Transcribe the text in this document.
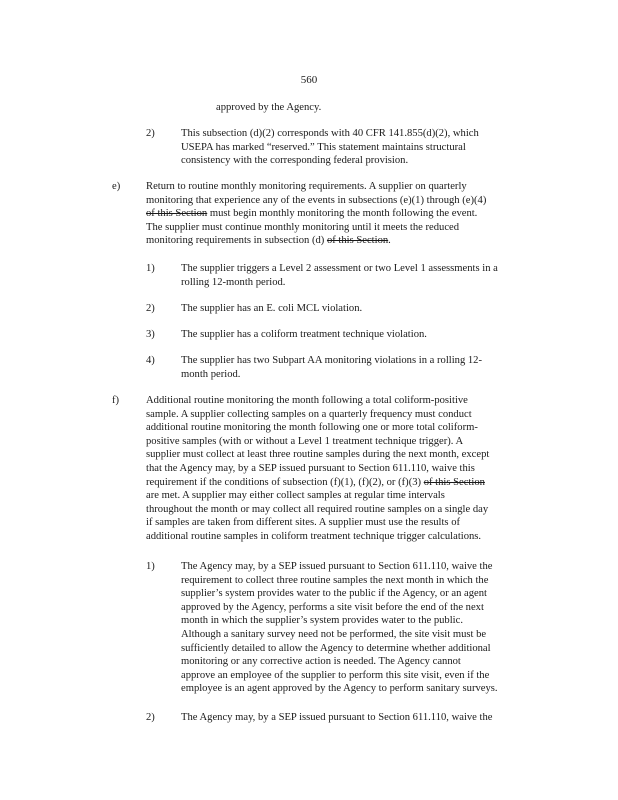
560
approved by the Agency.
2) This subsection (d)(2) corresponds with 40 CFR 141.855(d)(2), which
USEPA has marked “reserved.” This statement maintains structural
consistency with the corresponding federal provision.
e) Return to routine monthly monitoring requirements. A supplier on quarterly
monitoring that experience any of the events in subsections (e)(1) through (e)(4)
of this Section must begin monthly monitoring the month following the event.
The supplier must continue monthly monitoring until it meets the reduced
monitoring requirements in subsection (d) of this Section.
1) The supplier triggers a Level 2 assessment or two Level 1 assessments in a
rolling 12-month period.
2) The supplier has an E. coli MCL violation.
3) The supplier has a coliform treatment technique violation.
4) The supplier has two Subpart AA monitoring violations in a rolling 12-
month period.
f)	Additional routine monitoring the month following a total coliform-positive
sample. A supplier collecting samples on a quarterly frequency must conduct
additional routine monitoring the month following one or more total coliform-
positive samples (with or without a Level 1 treatment technique trigger). A
supplier must collect at least three routine samples during the next month, except
that the Agency may, by a SEP issued pursuant to Section 611.110, waive this
requirement if the conditions of subsection (f)(1), (f)(2), or (f)(3) of this Section
are met. A supplier may either collect samples at regular time intervals
throughout the month or may collect all required routine samples on a single day
if samples are taken from different sites. A supplier must use the results of
additional routine samples in coliform treatment technique trigger calculations.
1) The Agency may, by a SEP issued pursuant to Section 611.110, waive the
requirement to collect three routine samples the next month in which the
supplier’s system provides water to the public if the Agency, or an agent
approved by the Agency, performs a site visit before the end of the next
month in which the supplier’s system provides water to the public.
Although a sanitary survey need not be performed, the site visit must be
sufficiently detailed to allow the Agency to determine whether additional
monitoring or any corrective action is needed. The Agency cannot
approve an employee of the supplier to perform this site visit, even if the
employee is an agent approved by the Agency to perform sanitary surveys.
2) The Agency may, by a SEP issued pursuant to Section 611.110, waive the
